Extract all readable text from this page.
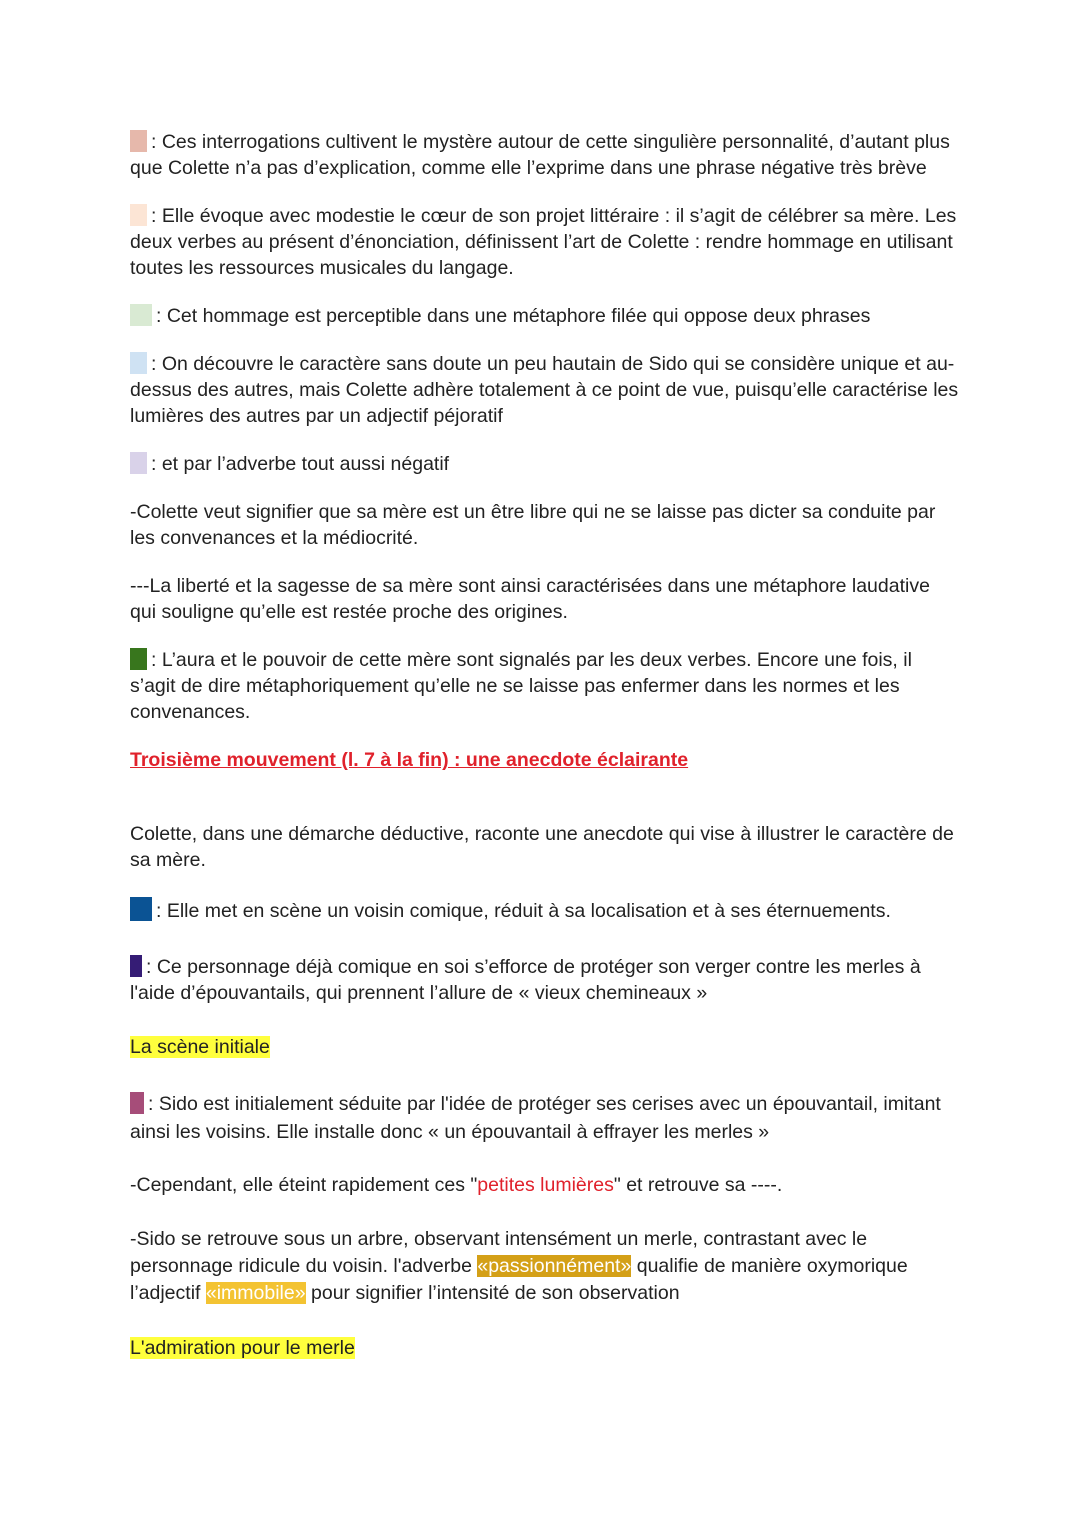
: Ces interrogations cultivent le mystère autour de cette singulière personnalité, d’autant plus que Colette n’a pas d’explication, comme elle l’exprime dans une phrase négative très brève

: Elle évoque avec modestie le cœur de son projet littéraire : il s’agit de célébrer sa mère. Les deux verbes au présent d’énonciation, définissent l’art de Colette : rendre hommage en utilisant toutes les ressources musicales du langage.

: Cet hommage est perceptible dans une métaphore filée qui oppose deux phrases

: On découvre le caractère sans doute un peu hautain de Sido qui se considère unique et au- dessus des autres, mais Colette adhère totalement à ce point de vue, puisqu’elle caractérise les lumières des autres par un adjectif péjoratif

: et par l’adverbe tout aussi négatif

-Colette veut signifier que sa mère est un être libre qui ne se laisse pas dicter sa conduite par les convenances et la médiocrité.

---La liberté et la sagesse de sa mère sont ainsi caractérisées dans une métaphore laudative qui souligne qu’elle est restée proche des origines.

: L’aura et le pouvoir de cette mère sont signalés par les deux verbes. Encore une fois, il s’agit de dire métaphoriquement qu’elle ne se laisse pas enfermer dans les normes et les convenances.

Troisième mouvement (l. 7 à la fin) : une anecdote éclairante

Colette, dans une démarche déductive, raconte une anecdote qui vise à illustrer le caractère de sa mère.

: Elle met en scène un voisin comique, réduit à sa localisation et à ses éternuements.

: Ce personnage déjà comique en soi s’efforce de protéger son verger contre les merles à l'aide d’épouvantails, qui prennent l’allure de « vieux chemineaux »

La scène initiale

: Sido est initialement séduite par l'idée de protéger ses cerises avec un épouvantail, imitant ainsi les voisins. Elle installe donc « un épouvantail à effrayer les merles »

-Cependant, elle éteint rapidement ces "petites lumières" et retrouve sa ----.

-Sido se retrouve sous un arbre, observant intensément un merle, contrastant avec le personnage ridicule du voisin. l'adverbe «passionnément» qualifie de manière oxymorique l’adjectif «immobile» pour signifier l’intensité de son observation

L'admiration pour le merle
